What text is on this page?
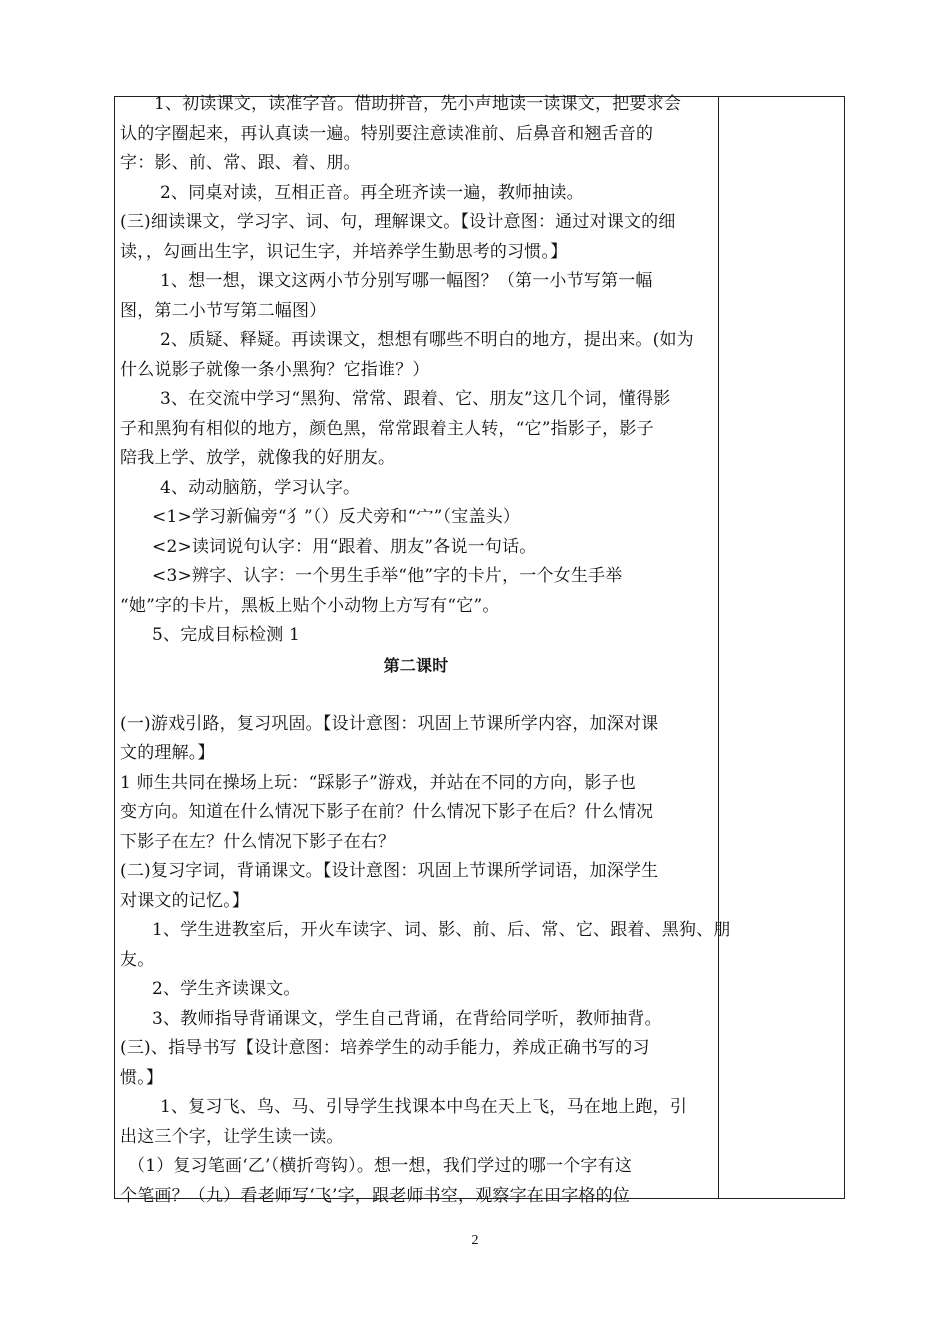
1、初读课文，读准字音。借助拼音，先小声地读一读课文，把要求会
认的字圈起来，再认真读一遍。特别要注意读准前、后鼻音和翘舌音的
字：影、前、常、跟、着、朋。
2、同桌对读，互相正音。再全班齐读一遍，教师抽读。
(三)细读课文，学习字、词、句，理解课文。【设计意图：通过对课文的细
读，，勾画出生字，识记生字，并培养学生勤思考的习惯。】
1、想一想，课文这两小节分别写哪一幅图？（第一小节写第一幅
图，第二小节写第二幅图）
2、质疑、释疑。再读课文，想想有哪些不明白的地方，提出来。(如为
什么说影子就像一条小黑狗？它指谁？）
3、在交流中学习“黑狗、常常、跟着、它、朋友”这几个词，懂得影
子和黑狗有相似的地方，颜色黑，常常跟着主人转，“它”指影子，影子
陪我上学、放学，就像我的好朋友。
4、动动脑筋，学习认字。
<1>学习新偏旁“犭”（）反犬旁和“宀”（宝盖头）
<2>读词说句认字：用“跟着、朋友”各说一句话。
<3>辨字、认字：一个男生手举“他”字的卡片，一个女生手举
“她”字的卡片，黑板上贴个小动物上方写有“它”。
5、完成目标检测 1
第二课时
(一)游戏引路，复习巩固。【设计意图：巩固上节课所学内容，加深对课
文的理解。】
1 师生共同在操场上玩：“踩影子”游戏，并站在不同的方向，影子也
变方向。知道在什么情况下影子在前？什么情况下影子在后？什么情况
下影子在左？什么情况下影子在右？
(二)复习字词，背诵课文。【设计意图：巩固上节课所学词语，加深学生
对课文的记忆。】
1、学生进教室后，开火车读字、词、影、前、后、常、它、跟着、黑狗、朋
友。
2、学生齐读课文。
3、教师指导背诵课文，学生自己背诵，在背给同学听，教师抽背。
(三)、指导书写【设计意图：培养学生的动手能力，养成正确书写的习
惯。】
1、复习飞、鸟、马、引导学生找课本中鸟在天上飞，马在地上跑，引
出这三个字，让学生读一读。
（1）复习笔画‘乙’（横折弯钩）。想一想，我们学过的哪一个字有这
个笔画？（九）看老师写‘飞’字，跟老师书空，观察字在田字格的位
2
